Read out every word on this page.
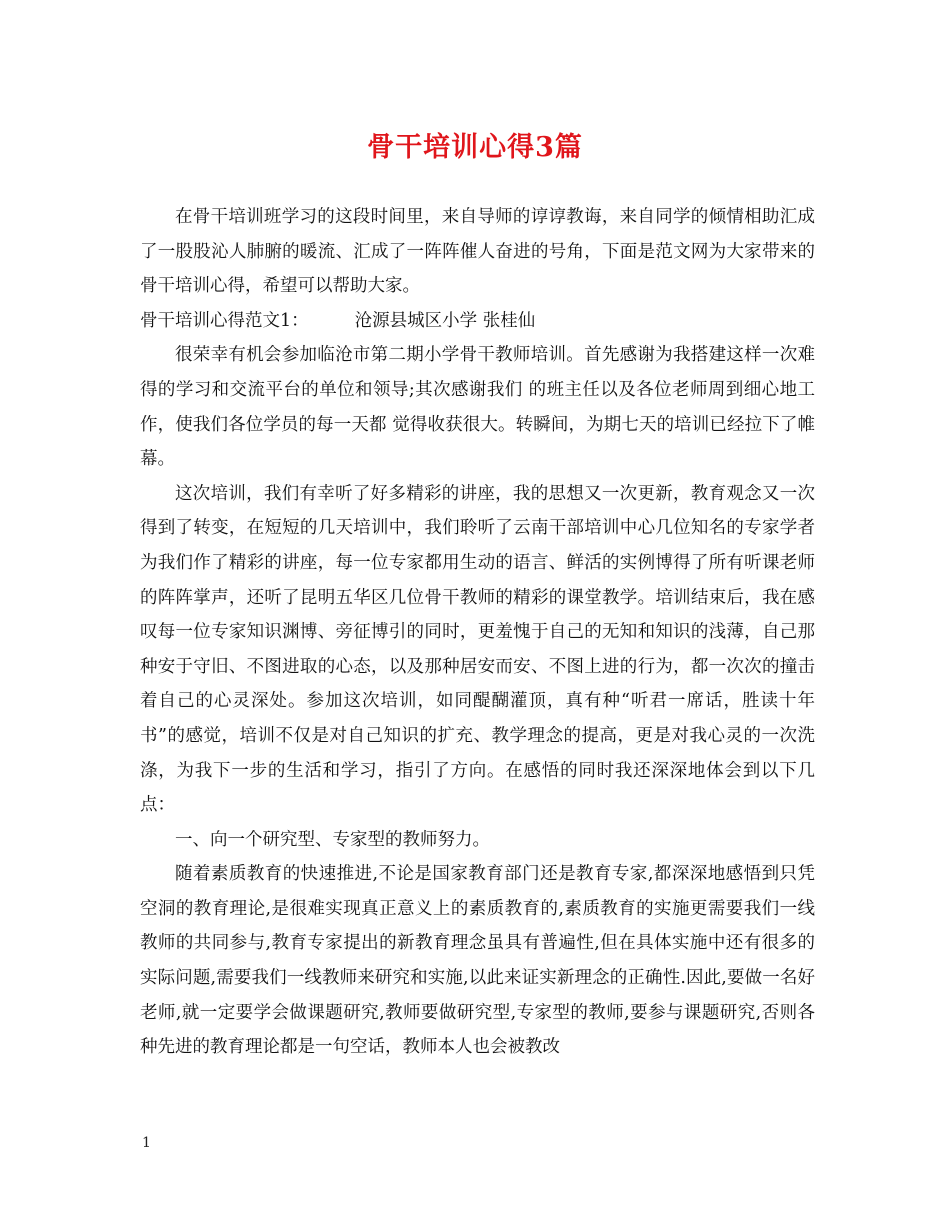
骨干培训心得3篇

在骨干培训班学习的这段时间里，来自导师的谆谆教诲，来自同学的倾情相助汇成了一股股沁人肺腑的暖流、汇成了一阵阵催人奋进的号角，下面是范文网为大家带来的骨干培训心得，希望可以帮助大家。

骨干培训心得范文1：	沧源县城区小学 张桂仙

很荣幸有机会参加临沧市第二期小学骨干教师培训。首先感谢为我搭建这样一次难得的学习和交流平台的单位和领导;其次感谢我们 的班主任以及各位老师周到细心地工作，使我们各位学员的每一天都 觉得收获很大。转瞬间，为期七天的培训已经拉下了帷幕。

这次培训，我们有幸听了好多精彩的讲座，我的思想又一次更新，教育观念又一次得到了转变，在短短的几天培训中，我们聆听了云南干部培训中心几位知名的专家学者为我们作了精彩的讲座，每一位专家都用生动的语言、鲜活的实例博得了所有听课老师的阵阵掌声，还听了昆明五华区几位骨干教师的精彩的课堂教学。培训结束后，我在感叹每一位专家知识渊博、旁征博引的同时，更羞愧于自己的无知和知识的浅薄，自己那种安于守旧、不图进取的心态，以及那种居安而安、不图上进的行为，都一次次的撞击着自己的心灵深处。参加这次培训，如同醍醐灌顶，真有种“听君一席话，胜读十年书”的感觉，培训不仅是对自己知识的扩充、教学理念的提高，更是对我心灵的一次洗涤，为我下一步的生活和学习，指引了方向。在感悟的同时我还深深地体会到以下几点：

一、向一个研究型、专家型的教师努力。

随着素质教育的快速推进,不论是国家教育部门还是教育专家,都深深地感悟到只凭空洞的教育理论,是很难实现真正意义上的素质教育的,素质教育的实施更需要我们一线教师的共同参与,教育专家提出的新教育理念虽具有普遍性,但在具体实施中还有很多的实际问题,需要我们一线教师来研究和实施,以此来证实新理念的正确性.因此,要做一名好老师,就一定要学会做课题研究,教师要做研究型,专家型的教师,要参与课题研究,否则各种先进的教育理论都是一句空话，教师本人也会被教改

1
